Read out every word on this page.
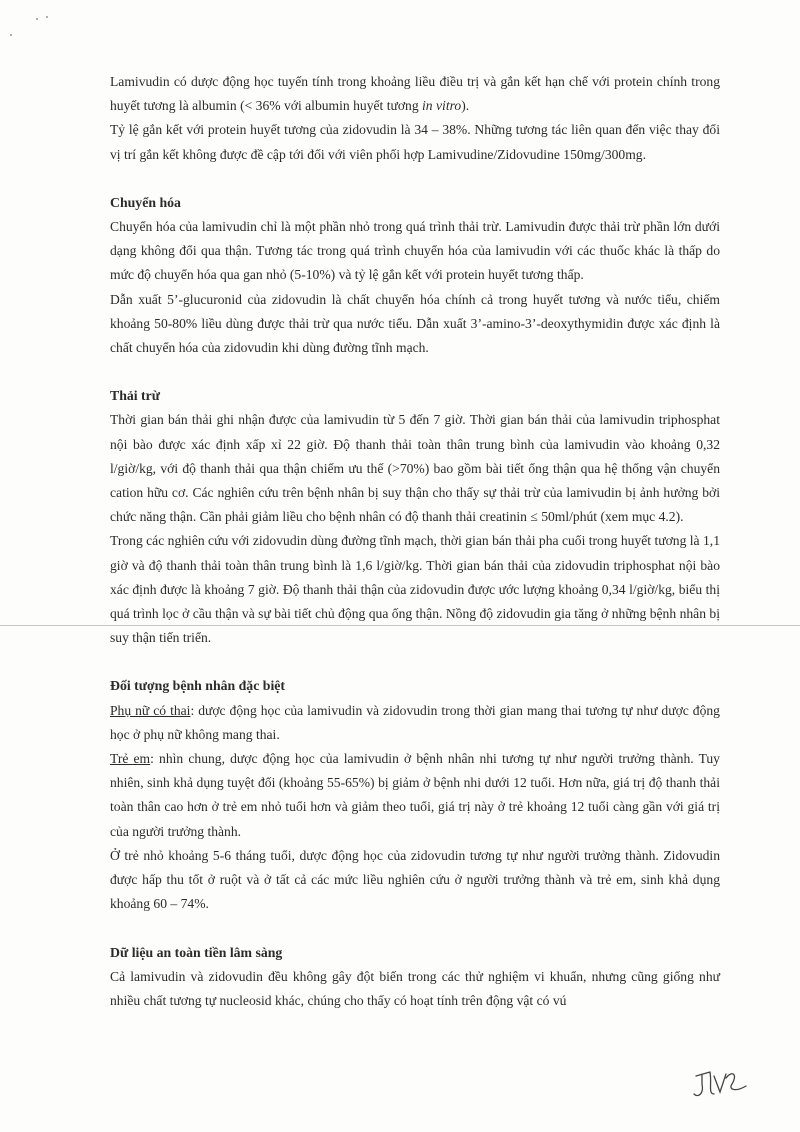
Lamivudin có dược động học tuyến tính trong khoảng liều điều trị và gắn kết hạn chế với protein chính trong huyết tương là albumin (< 36% với albumin huyết tương in vitro).

Tỷ lệ gắn kết với protein huyết tương của zidovudin là 34 – 38%. Những tương tác liên quan đến việc thay đổi vị trí gắn kết không được đề cập tới đối với viên phối hợp Lamivudine/Zidovudine 150mg/300mg.

Chuyển hóa

Chuyển hóa của lamivudin chỉ là một phần nhỏ trong quá trình thải trừ. Lamivudin được thải trừ phần lớn dưới dạng không đổi qua thận. Tương tác trong quá trình chuyển hóa của lamivudin với các thuốc khác là thấp do mức độ chuyển hóa qua gan nhỏ (5-10%) và tỷ lệ gắn kết với protein huyết tương thấp.

Dẫn xuất 5’-glucuronid của zidovudin là chất chuyển hóa chính cả trong huyết tương và nước tiểu, chiếm khoảng 50-80% liều dùng được thải trừ qua nước tiểu. Dẫn xuất 3’-amino-3’-deoxythymidin được xác định là chất chuyển hóa của zidovudin khi dùng đường tĩnh mạch.

Thải trừ

Thời gian bán thải ghi nhận được của lamivudin từ 5 đến 7 giờ. Thời gian bán thải của lamivudin triphosphat nội bào được xác định xấp xỉ 22 giờ. Độ thanh thải toàn thân trung bình của lamivudin vào khoảng 0,32 l/giờ/kg, với độ thanh thải qua thận chiếm ưu thế (>70%) bao gồm bài tiết ống thận qua hệ thống vận chuyển cation hữu cơ. Các nghiên cứu trên bệnh nhân bị suy thận cho thấy sự thải trừ của lamivudin bị ảnh hưởng bởi chức năng thận. Cần phải giảm liều cho bệnh nhân có độ thanh thải creatinin ≤ 50ml/phút (xem mục 4.2).

Trong các nghiên cứu với zidovudin dùng đường tĩnh mạch, thời gian bán thải pha cuối trong huyết tương là 1,1 giờ và độ thanh thải toàn thân trung bình là 1,6 l/giờ/kg. Thời gian bán thải của zidovudin triphosphat nội bào xác định được là khoảng 7 giờ. Độ thanh thải thận của zidovudin được ước lượng khoảng 0,34 l/giờ/kg, biểu thị quá trình lọc ở cầu thận và sự bài tiết chủ động qua ống thận. Nồng độ zidovudin gia tăng ở những bệnh nhân bị suy thận tiến triển.

Đối tượng bệnh nhân đặc biệt

Phụ nữ có thai: dược động học của lamivudin và zidovudin trong thời gian mang thai tương tự như dược động học ở phụ nữ không mang thai.

Trẻ em: nhìn chung, dược động học của lamivudin ở bệnh nhân nhi tương tự như người trưởng thành. Tuy nhiên, sinh khả dụng tuyệt đối (khoảng 55-65%) bị giảm ở bệnh nhi dưới 12 tuổi. Hơn nữa, giá trị độ thanh thải toàn thân cao hơn ở trẻ em nhỏ tuổi hơn và giảm theo tuổi, giá trị này ở trẻ khoảng 12 tuổi càng gần với giá trị của người trưởng thành.

Ở trẻ nhỏ khoảng 5-6 tháng tuổi, dược động học của zidovudin tương tự như người trưởng thành. Zidovudin được hấp thu tốt ở ruột và ở tất cả các mức liều nghiên cứu ở người trưởng thành và trẻ em, sinh khả dụng khoảng 60 – 74%.

Dữ liệu an toàn tiền lâm sàng

Cả lamivudin và zidovudin đều không gây đột biến trong các thử nghiệm vi khuẩn, nhưng cũng giống như nhiều chất tương tự nucleosid khác, chúng cho thấy có hoạt tính trên động vật có vú
